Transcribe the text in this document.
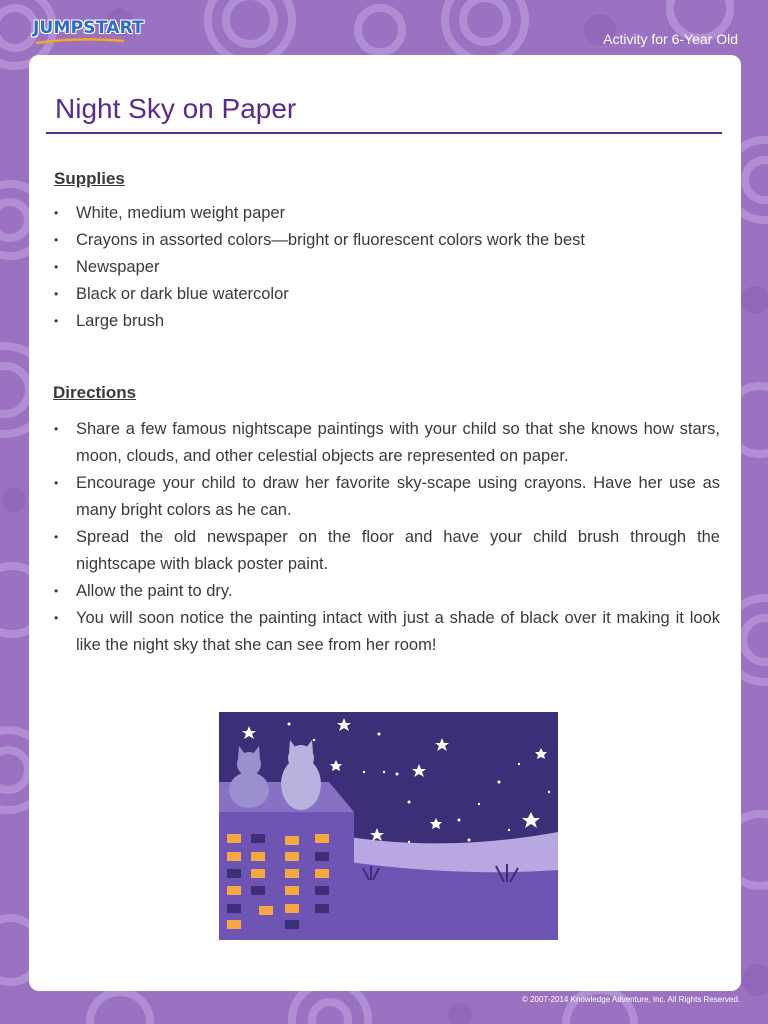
JUMPSTART
Activity for 6-Year Old
Night Sky on Paper
Supplies
• White, medium weight paper
• Crayons in assorted colors—bright or fluorescent colors work the best
• Newspaper
• Black or dark blue watercolor
• Large brush
Directions
• Share a few famous nightscape paintings with your child so that she knows how stars, moon, clouds, and other celestial objects are represented on paper.
• Encourage your child to draw her favorite sky-scape using crayons. Have her use as many bright colors as he can.
• Spread the old newspaper on the floor and have your child brush through the nightscape with black poster paint.
• Allow the paint to dry.
• You will soon notice the painting intact with just a shade of black over it making it look like the night sky that she can see from her room!
© 2007-2014 Knowledge Adventure, Inc. All Rights Reserved.
